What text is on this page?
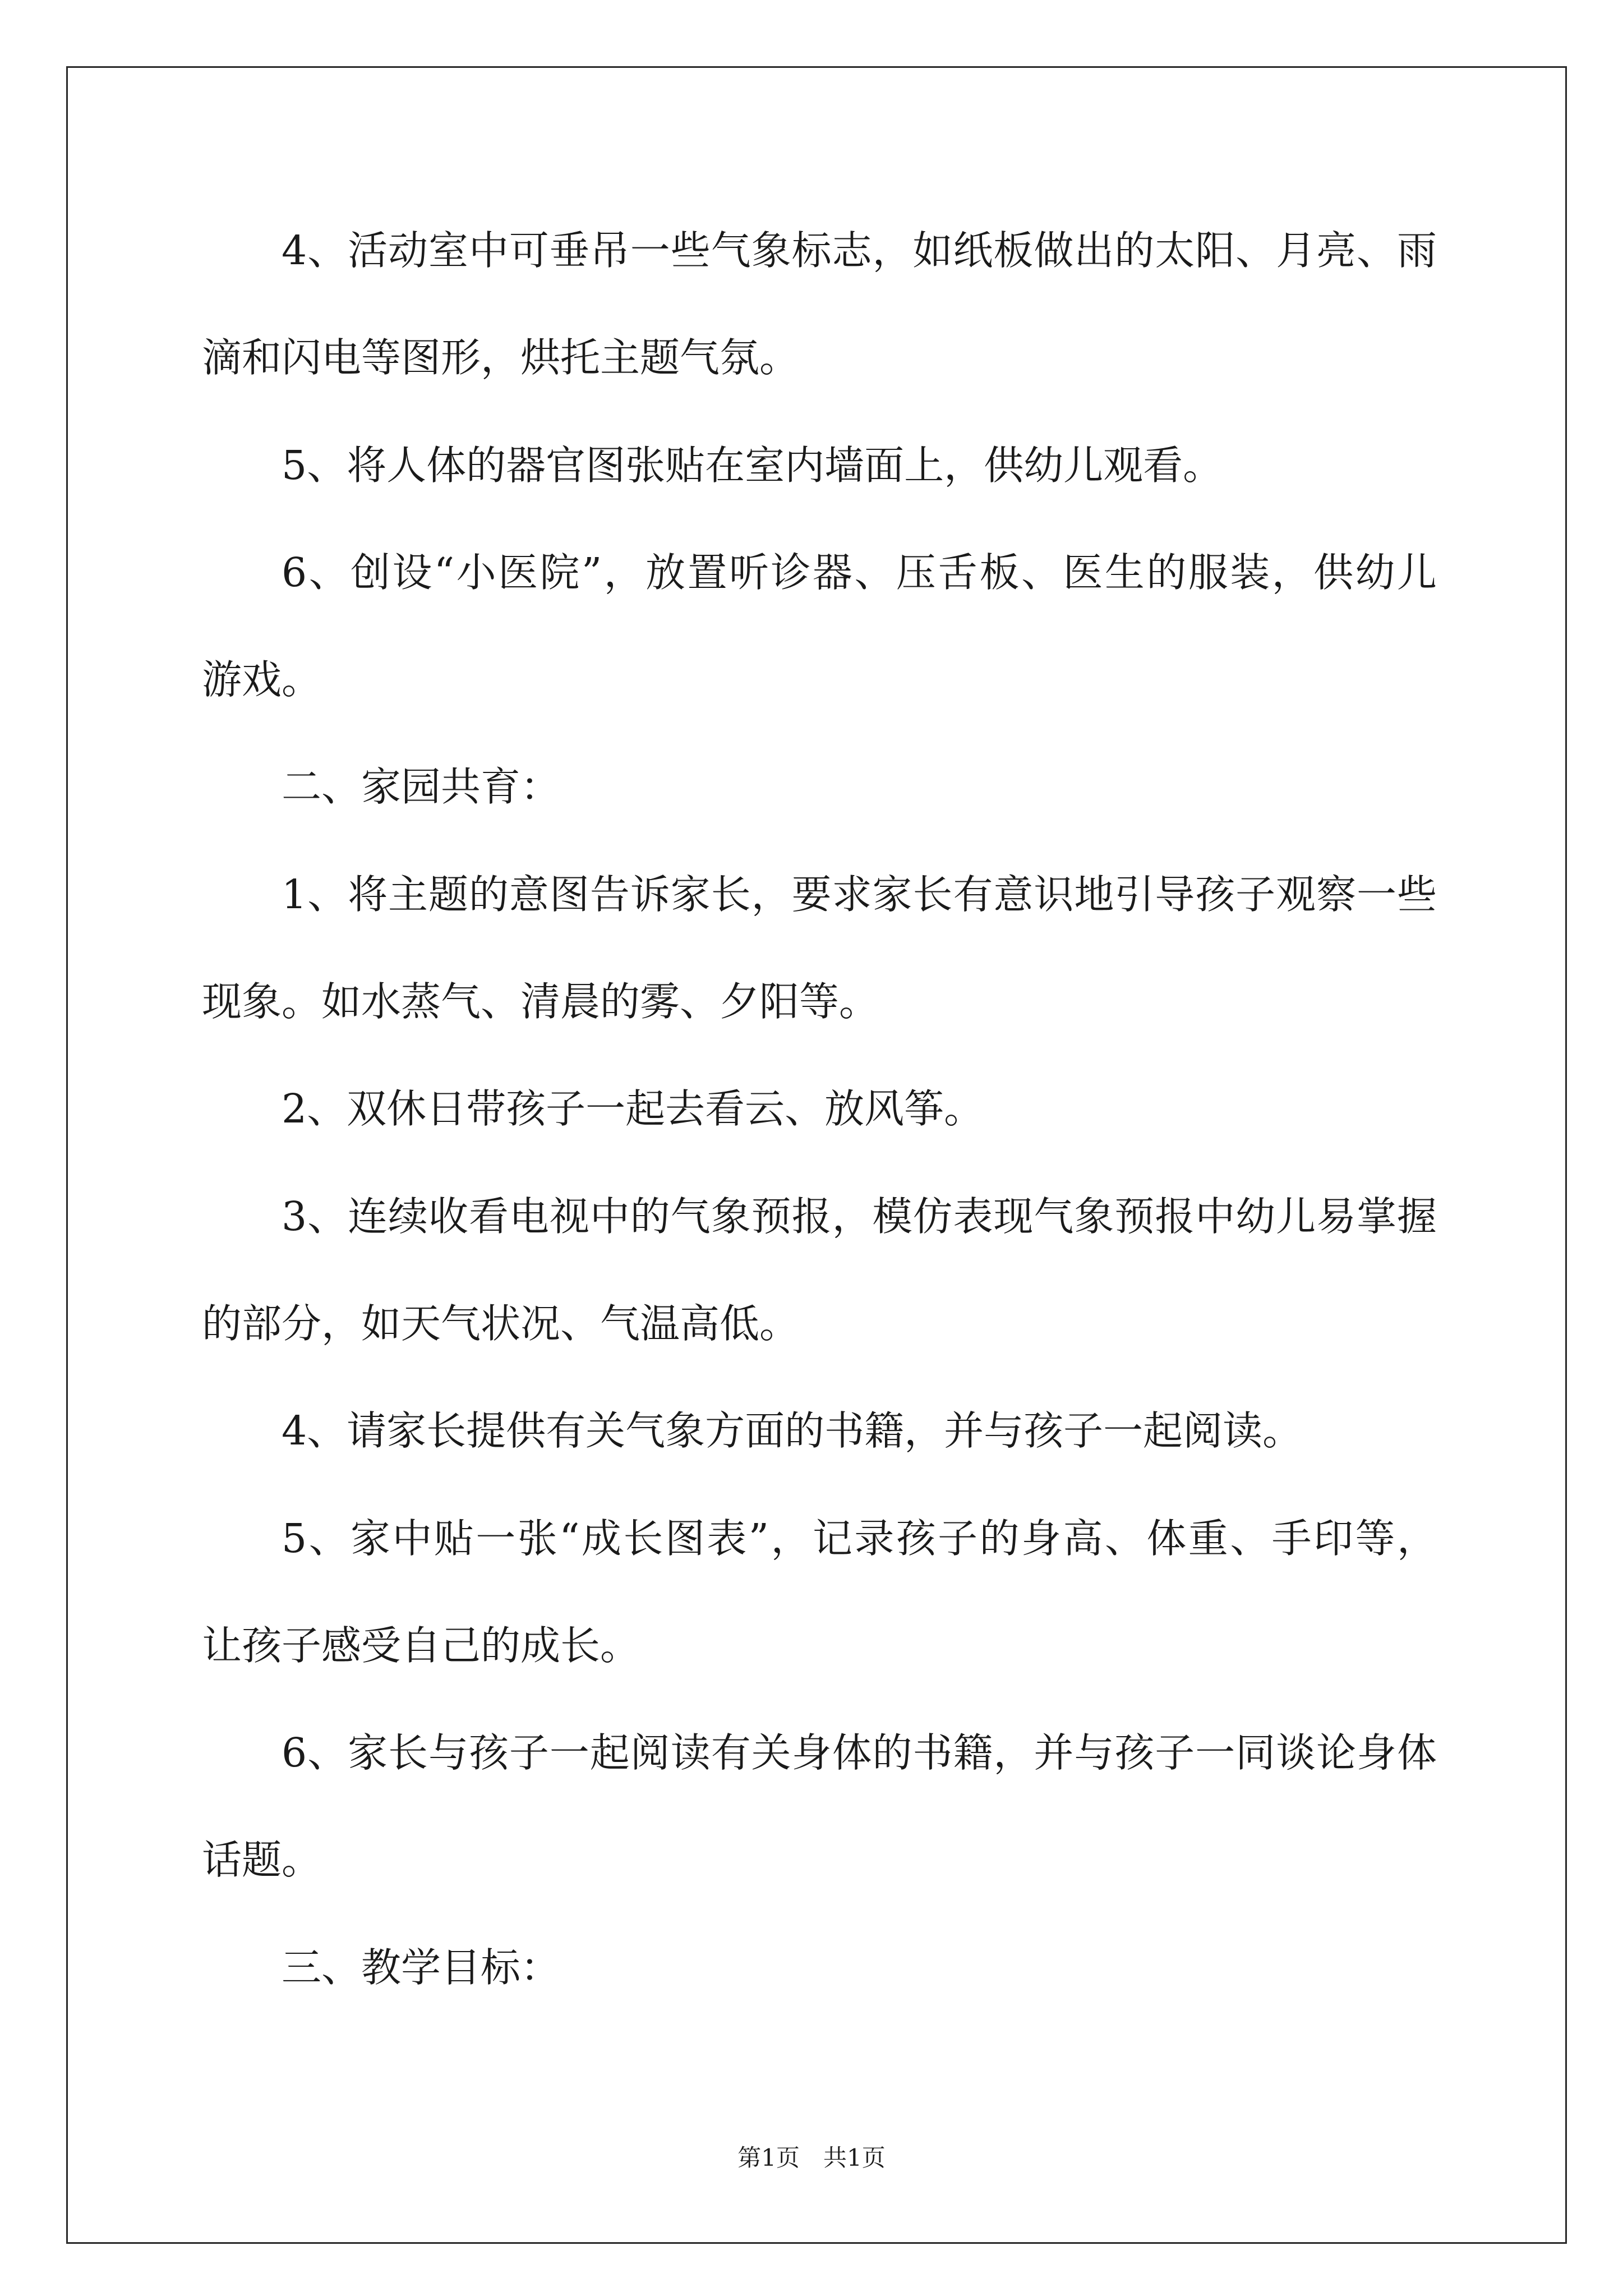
4、活动室中可垂吊一些气象标志，如纸板做出的太阳、月亮、雨
滴和闪电等图形，烘托主题气氛。
5、将人体的器官图张贴在室内墙面上，供幼儿观看。
6、创设“小医院”，放置听诊器、压舌板、医生的服装，供幼儿
游戏。
二、家园共育：
1、将主题的意图告诉家长，要求家长有意识地引导孩子观察一些
现象。如水蒸气、清晨的雾、夕阳等。
2、双休日带孩子一起去看云、放风筝。
3、连续收看电视中的气象预报，模仿表现气象预报中幼儿易掌握
的部分，如天气状况、气温高低。
4、请家长提供有关气象方面的书籍，并与孩子一起阅读。
5、家中贴一张“成长图表”，记录孩子的身高、体重、手印等，
让孩子感受自己的成长。
6、家长与孩子一起阅读有关身体的书籍，并与孩子一同谈论身体
话题。
三、教学目标：
第1页　共1页
